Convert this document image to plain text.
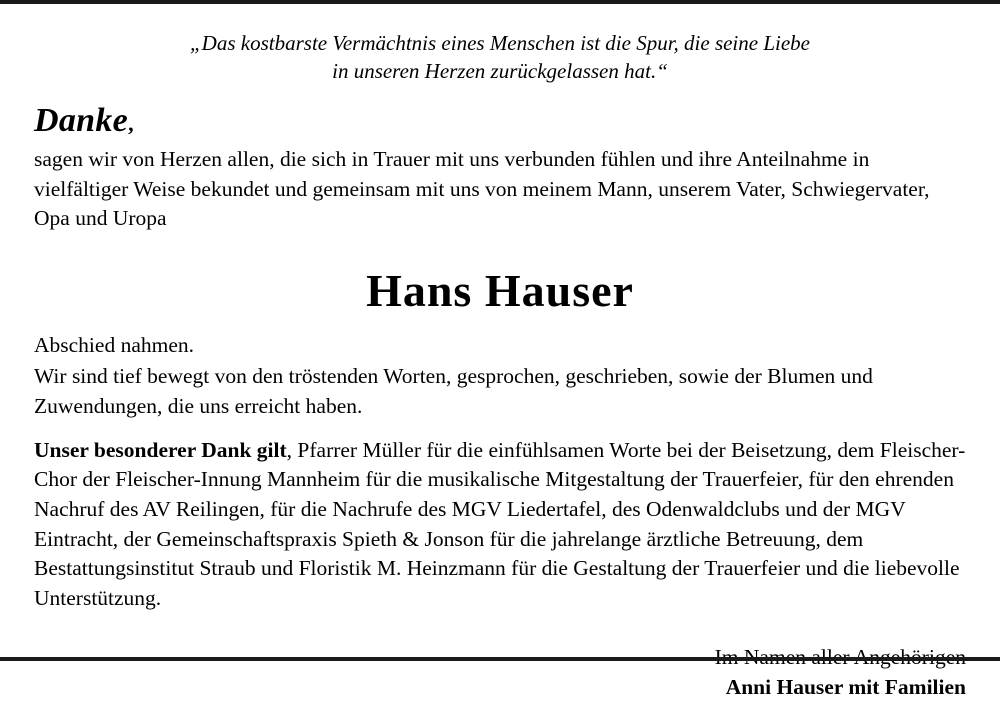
„Das kostbarste Vermächtnis eines Menschen ist die Spur, die seine Liebe
in unseren Herzen zurückgelassen hat.“
Danke,
sagen wir von Herzen allen, die sich in Trauer mit uns verbunden fühlen und ihre Anteilnahme in vielfältiger Weise bekundet und gemeinsam mit uns von meinem Mann, unserem Vater, Schwiegervater, Opa und Uropa
Hans Hauser
Abschied nahmen.
Wir sind tief bewegt von den tröstenden Worten, gesprochen, geschrieben, sowie der Blumen und Zuwendungen, die uns erreicht haben.
Unser besonderer Dank gilt, Pfarrer Müller für die einfühlsamen Worte bei der Beisetzung, dem Fleischer-Chor der Fleischer-Innung Mannheim für die musikalische Mitgestaltung der Trauerfeier, für den ehrenden Nachruf des AV Reilingen, für die Nachrufe des MGV Liedertafel, des Odenwaldclubs und der MGV Eintracht, der Gemeinschaftspraxis Spieth & Jonson für die jahrelange ärztliche Betreuung, dem Bestattungsinstitut Straub und Floristik M. Heinzmann für die Gestaltung der Trauerfeier und die liebevolle Unterstützung.
Anni Hauser mit Familien
